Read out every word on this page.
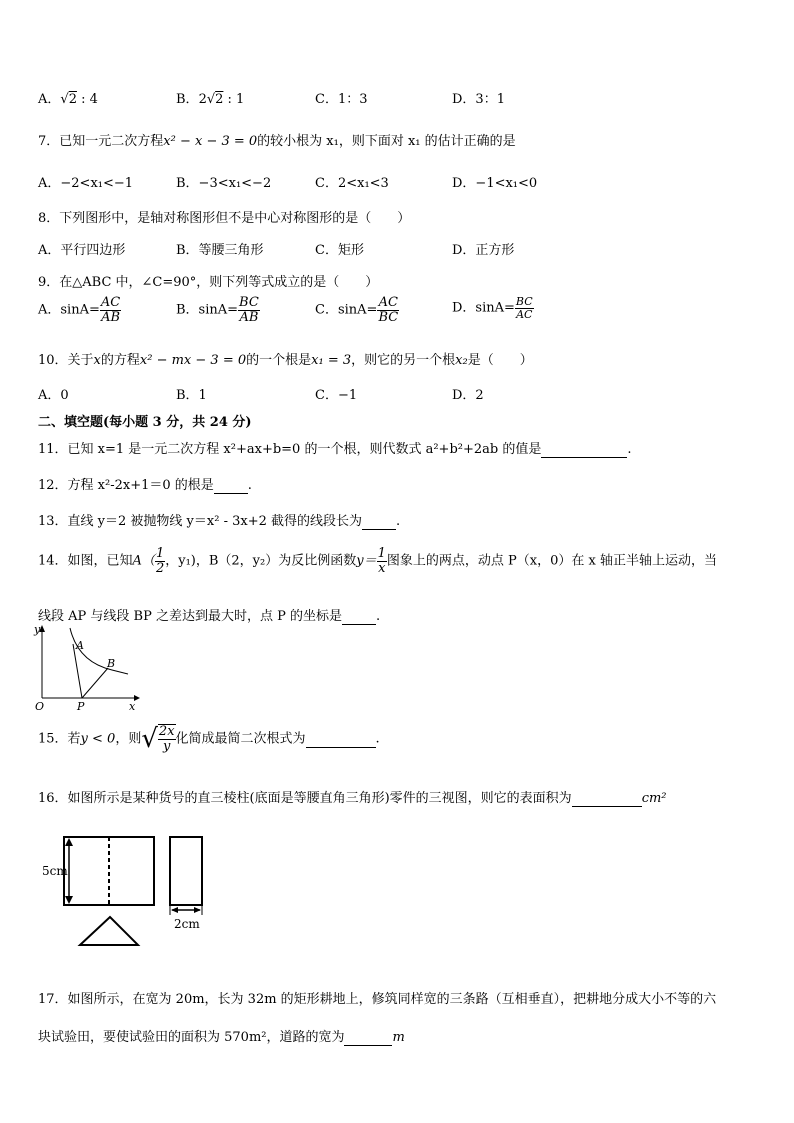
A．√2 : 4	B．2√2 : 1	C．1：3	D．3：1
7．已知一元二次方程x² − x − 3 = 0的较小根为 x₁，则下面对 x₁ 的估计正确的是
A．−2<x₁<−1	B．−3<x₁<−2	C．2<x₁<3	D．−1<x₁<0
8．下列图形中，是轴对称图形但不是中心对称图形的是（　　）
A．平行四边形	B．等腰三角形	C．矩形	D．正方形
9．在△ABC 中，∠C=90°，则下列等式成立的是（　　）
A．$\sin A= \frac{AC}{AB}$	B．$\sin A= \frac{BC}{AB}$	C．$\sin A= \frac{AC}{BC}$	D．$\sin A= \frac{BC}{AC}$
10．关于x的方程x² − mx − 3 = 0的一个根是x₁ = 3，则它的另一个根x₂是（　　）
A．0	B．1	C．−1	D．2
二、填空题(每小题 3 分，共 24 分)
11．已知 x=1 是一元二次方程 x²+ax+b=0 的一个根，则代数式 a²+b²+2ab 的值是	.
12．方程 x²-2x+1＝0 的根是	.
13．直线 y＝2 被抛物线 y＝x² - 3x+2 截得的线段长为	.
14．如图，已知$A( \frac{1}{2}$ ，y₁)，B（2，y₂）为反比例函数$y= \frac{1}{x}$ 图象上的两点，动点 P（x，0）在 x 轴正半轴上运动，当
线段 AP 与线段 BP 之差达到最大时，点 P 的坐标是	.
y
x
O
A
B
P
15．若y < 0，则√ $\frac{2x}{y}$ 化简成最简二次根式为	.
16．如图所示是某种货号的直三棱柱(底面是等腰直角三角形)零件的三视图，则它的表面积为	cm²
5cm
2cm
17．如图所示，在宽为 20m，长为 32m 的矩形耕地上，修筑同样宽的三条路（互相垂直），把耕地分成大小不等的六
块试验田，要使试验田的面积为 570m²，道路的宽为	m
